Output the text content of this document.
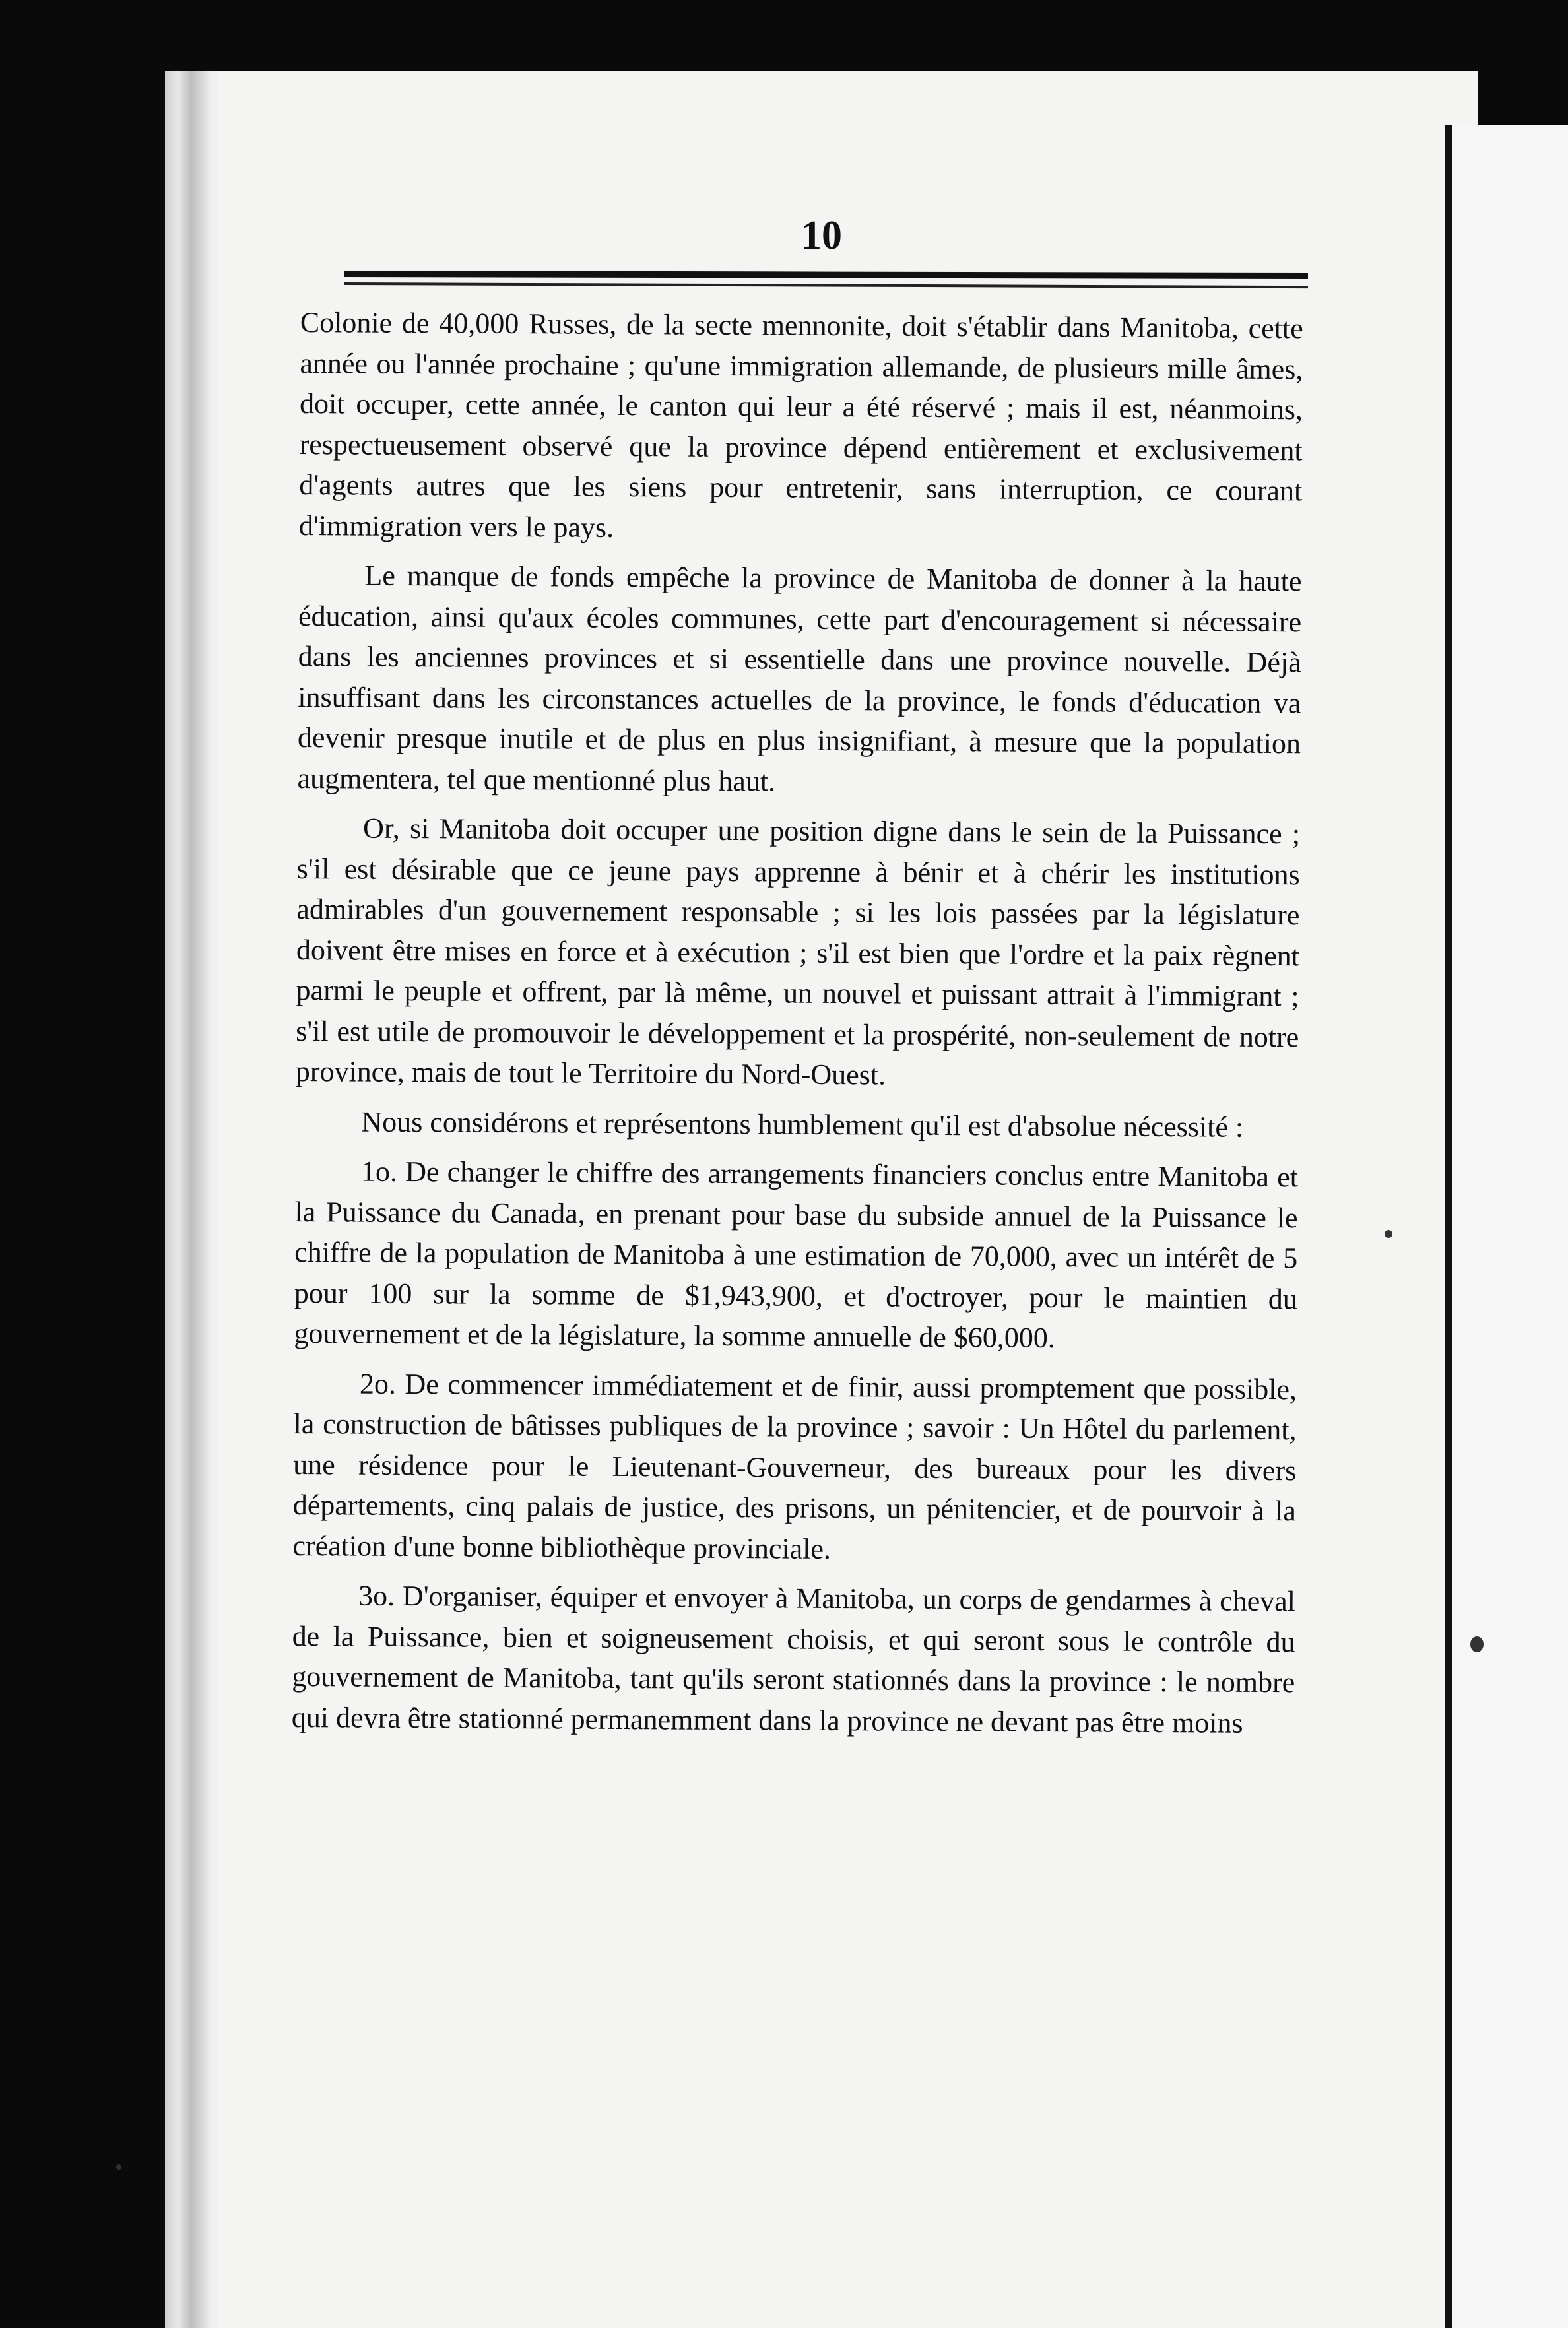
10

Colonie de 40,000 Russes, de la secte mennonite, doit s'établir dans Manitoba, cette année ou l'année prochaine ; qu'une immigration allemande, de plusieurs mille âmes, doit occuper, cette année, le canton qui leur a été réservé ; mais il est, néanmoins, respectueusement observé que la province dépend entièrement et exclusivement d'agents autres que les siens pour entretenir, sans interruption, ce courant d'immigration vers le pays.

Le manque de fonds empêche la province de Manitoba de donner à la haute éducation, ainsi qu'aux écoles communes, cette part d'encouragement si nécessaire dans les anciennes provinces et si essentielle dans une province nouvelle. Déjà insuffisant dans les circonstances actuelles de la province, le fonds d'éducation va devenir presque inutile et de plus en plus insignifiant, à mesure que la population augmentera, tel que mentionné plus haut.

Or, si Manitoba doit occuper une position digne dans le sein de la Puissance ; s'il est désirable que ce jeune pays apprenne à bénir et à chérir les institutions admirables d'un gouvernement responsable ; si les lois passées par la législature doivent être mises en force et à exécution ; s'il est bien que l'ordre et la paix règnent parmi le peuple et offrent, par là même, un nouvel et puissant attrait à l'immigrant ; s'il est utile de promouvoir le développement et la prospérité, non-seulement de notre province, mais de tout le Territoire du Nord-Ouest.

Nous considérons et représentons humblement qu'il est d'absolue nécessité :

1o. De changer le chiffre des arrangements financiers conclus entre Manitoba et la Puissance du Canada, en prenant pour base du subside annuel de la Puissance le chiffre de la population de Manitoba à une estimation de 70,000, avec un intérêt de 5 pour 100 sur la somme de $1,943,900, et d'octroyer, pour le maintien du gouvernement et de la législature, la somme annuelle de $60,000.

2o. De commencer immédiatement et de finir, aussi promptement que possible, la construction de bâtisses publiques de la province ; savoir : Un Hôtel du parlement, une résidence pour le Lieutenant-Gouverneur, des bureaux pour les divers départements, cinq palais de justice, des prisons, un pénitencier, et de pourvoir à la création d'une bonne bibliothèque provinciale.

3o. D'organiser, équiper et envoyer à Manitoba, un corps de gendarmes à cheval de la Puissance, bien et soigneusement choisis, et qui seront sous le contrôle du gouvernement de Manitoba, tant qu'ils seront stationnés dans la province : le nombre qui devra être stationné permanemment dans la province ne devant pas être moins
